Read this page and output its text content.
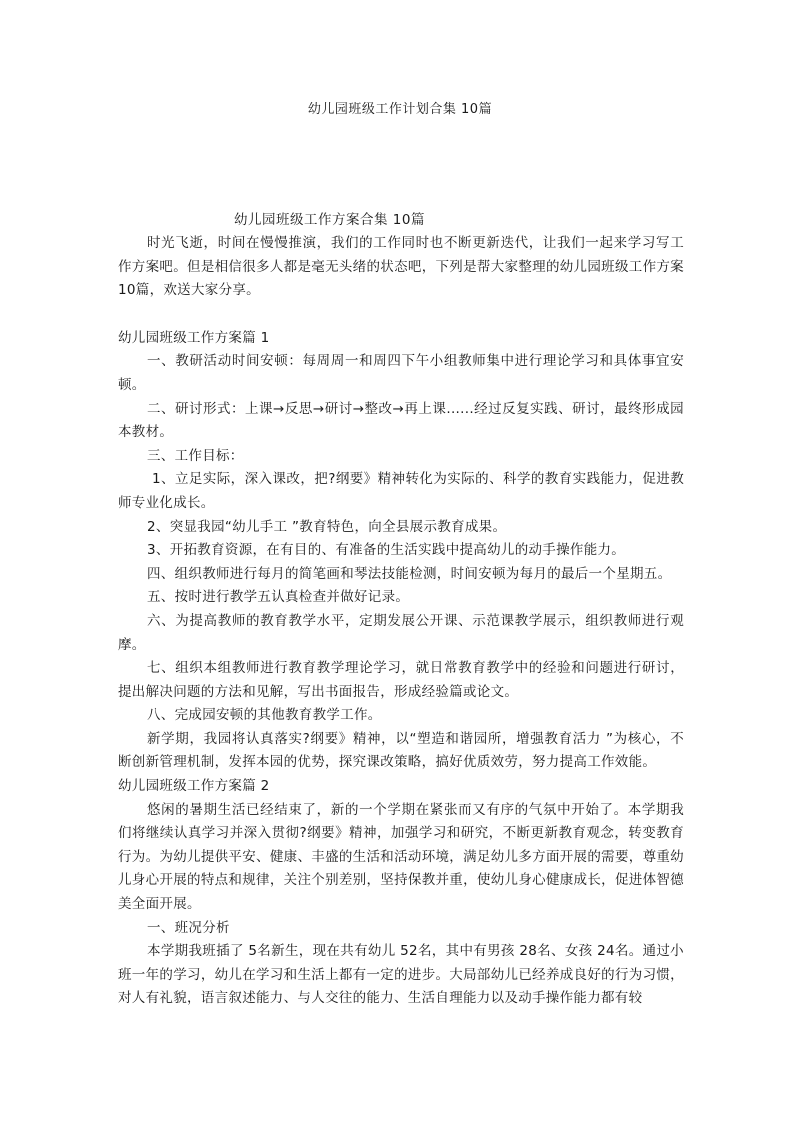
幼儿园班级工作计划合集 10篇
幼儿园班级工作方案合集 10篇

时光飞逝，时间在慢慢推演，我们的工作同时也不断更新迭代，让我们一起来学习写工作方案吧。但是相信很多人都是毫无头绪的状态吧，下列是帮大家整理的幼儿园班级工作方案 10篇，欢送大家分享。

幼儿园班级工作方案篇 1

一、教研活动时间安顿：每周周一和周四下午小组教师集中进行理论学习和具体事宜安顿。

二、研讨形式：上课→反思→研讨→整改→再上课......经过反复实践、研讨，最终形成园本教材。

三、工作目标：

1、立足实际，深入课改，把?纲要》精神转化为实际的、科学的教育实践能力，促进教师专业化成长。

2、突显我园“幼儿手工 ”教育特色，向全县展示教育成果。

3、开拓教育资源，在有目的、有准备的生活实践中提高幼儿的动手操作能力。

四、组织教师进行每月的简笔画和琴法技能检测，时间安顿为每月的最后一个星期五。

五、按时进行教学五认真检查并做好记录。

六、为提高教师的教育教学水平，定期发展公开课、示范课教学展示，组织教师进行观摩。

七、组织本组教师进行教育教学理论学习，就日常教育教学中的经验和问题进行研讨，提出解决问题的方法和见解，写出书面报告，形成经验篇或论文。

八、完成园安顿的其他教育教学工作。

新学期，我园将认真落实?纲要》精神，以“塑造和谐园所，增强教育活力 ”为核心，不断创新管理机制，发挥本园的优势，探究课改策略，搞好优质效劳，努力提高工作效能。

幼儿园班级工作方案篇 2

悠闲的暑期生活已经结束了，新的一个学期在紧张而又有序的气氛中开始了。本学期我们将继续认真学习并深入贯彻?纲要》精神，加强学习和研究，不断更新教育观念，转变教育行为。为幼儿提供平安、健康、丰盛的生活和活动环境，满足幼儿多方面开展的需要，尊重幼儿身心开展的特点和规律，关注个别差别，坚持保教并重，使幼儿身心健康成长，促进体智德美全面开展。

一、班况分析

本学期我班插了 5名新生，现在共有幼儿 52名，其中有男孩 28名、女孩 24名。通过小班一年的学习，幼儿在学习和生活上都有一定的进步。大局部幼儿已经养成良好的行为习惯，对人有礼貌，语言叙述能力、与人交往的能力、生活自理能力以及动手操作能力都有较
